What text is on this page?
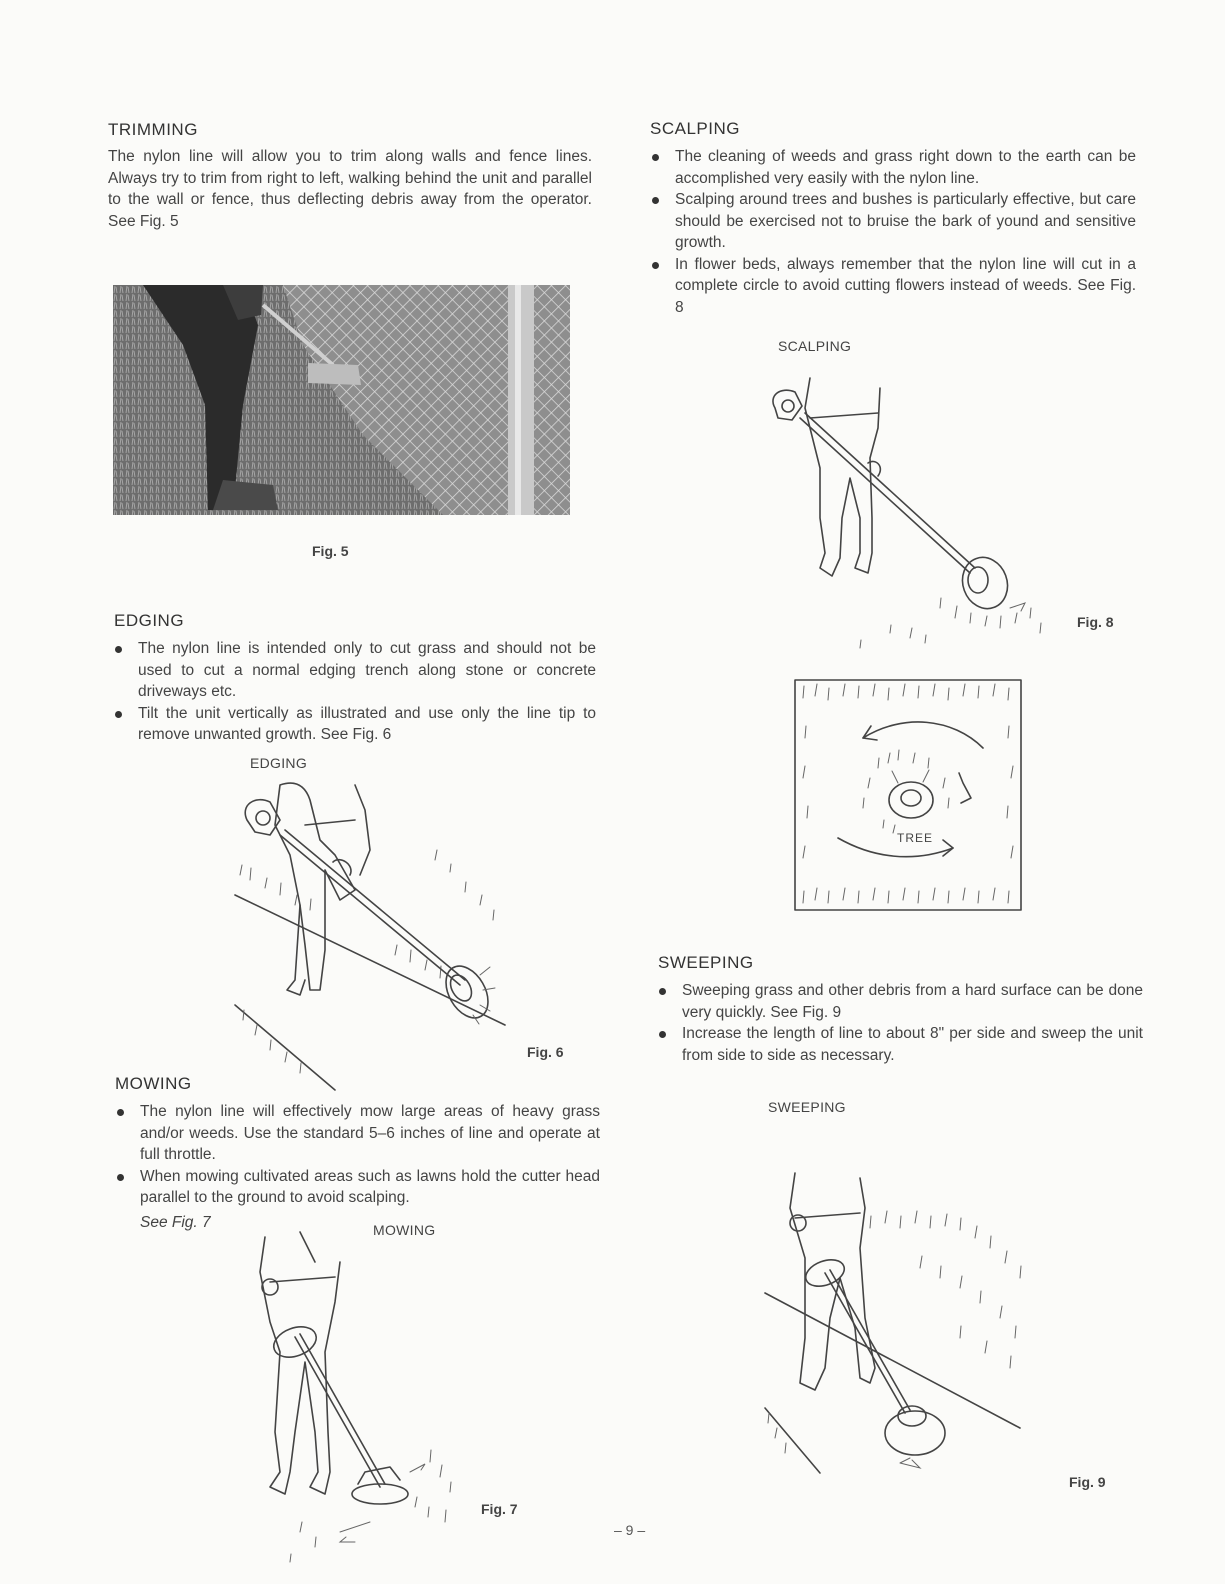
TRIMMING
The nylon line will allow you to trim along walls and fence lines. Always try to trim from right to left, walking behind the unit and parallel to the wall or fence, thus deflecting debris away from the operator. See Fig. 5
Fig. 5
EDGING
The nylon line is intended only to cut grass and should not be used to cut a normal edging trench along stone or concrete driveways etc.
Tilt the unit vertically as illustrated and use only the line tip to remove unwanted growth. See Fig. 6
EDGING
Fig. 6
MOWING
The nylon line will effectively mow large areas of heavy grass and/or weeds. Use the standard 5–6 inches of line and operate at full throttle.
When mowing cultivated areas such as lawns hold the cutter head parallel to the ground to avoid scalping.
See Fig. 7	MOWING
Fig. 7
SCALPING
The cleaning of weeds and grass right down to the earth can be accomplished very easily with the nylon line.
Scalping around trees and bushes is particularly effective, but care should be exercised not to bruise the bark of yound and sensitive growth.
In flower beds, always remember that the nylon line will cut in a complete circle to avoid cutting flowers instead of weeds. See Fig. 8
SCALPING
Fig. 8
TREE
SWEEPING
Sweeping grass and other debris from a hard surface can be done very quickly. See Fig. 9
Increase the length of line to about 8" per side and sweep the unit from side to side as necessary.
SWEEPING
Fig. 9
– 9 –
